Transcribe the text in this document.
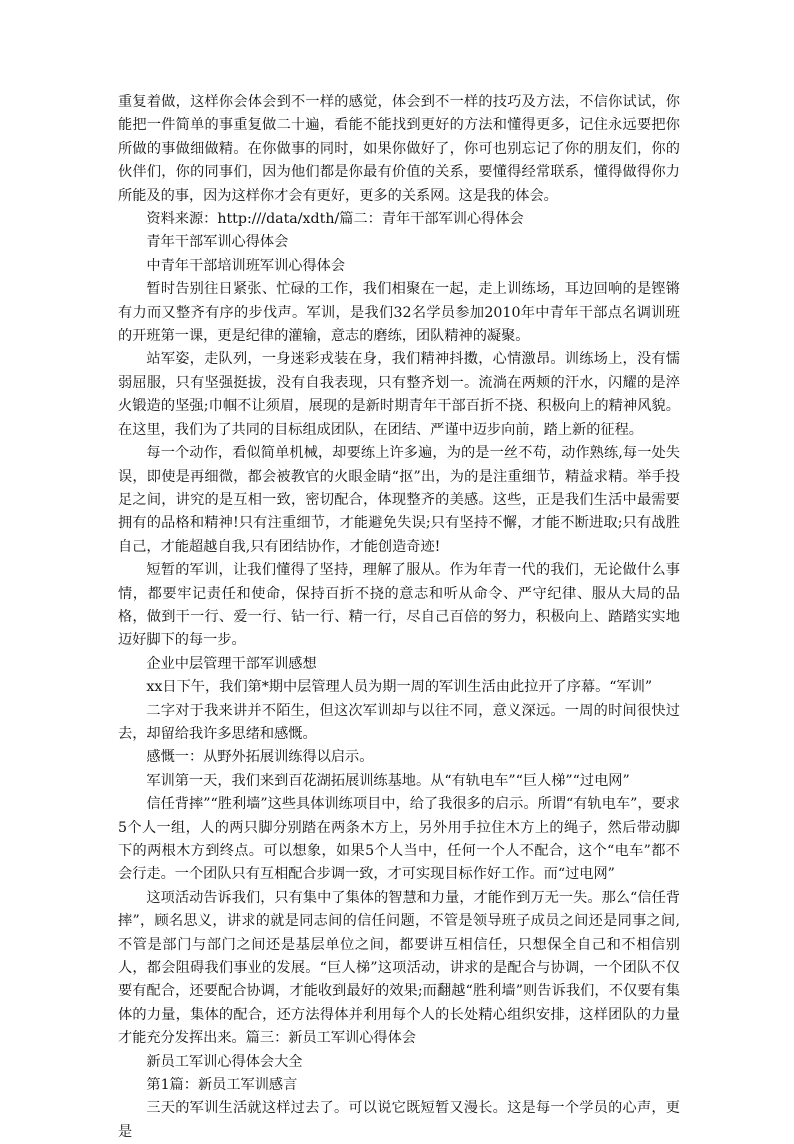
重复着做，这样你会体会到不一样的感觉，体会到不一样的技巧及方法，不信你试试，你能把一件简单的事重复做二十遍，看能不能找到更好的方法和懂得更多，记住永远要把你所做的事做细做精。在你做事的同时，如果你做好了，你可也别忘记了你的朋友们，你的伙伴们，你的同事们，因为他们都是你最有价值的关系，要懂得经常联系，懂得做得你力所能及的事，因为这样你才会有更好，更多的关系网。这是我的体会。

资料来源：http:///data/xdth/篇二：青年干部军训心得体会

青年干部军训心得体会

中青年干部培训班军训心得体会

暂时告别往日紧张、忙碌的工作，我们相聚在一起，走上训练场，耳边回响的是铿锵有力而又整齐有序的步伐声。军训，是我们32名学员参加2010年中青年干部点名调训班的开班第一课，更是纪律的灌输，意志的磨练，团队精神的凝聚。

站军姿，走队列，一身迷彩戎装在身，我们精神抖擞，心情激昂。训练场上，没有懦弱屈服，只有坚强挺拔，没有自我表现，只有整齐划一。流淌在两颊的汗水，闪耀的是淬火锻造的坚强;巾帼不让须眉，展现的是新时期青年干部百折不挠、积极向上的精神风貌。在这里，我们为了共同的目标组成团队，在团结、严谨中迈步向前，踏上新的征程。

每一个动作，看似简单机械，却要练上许多遍，为的是一丝不苟，动作熟练,每一处失误，即使是再细微，都会被教官的火眼金睛“抠”出，为的是注重细节，精益求精。举手投足之间，讲究的是互相一致，密切配合，体现整齐的美感。这些，正是我们生活中最需要拥有的品格和精神!只有注重细节，才能避免失误;只有坚持不懈，才能不断进取;只有战胜自己，才能超越自我,只有团结协作，才能创造奇迹!

短暂的军训，让我们懂得了坚持，理解了服从。作为年青一代的我们，无论做什么事情，都要牢记责任和使命，保持百折不挠的意志和听从命令、严守纪律、服从大局的品格，做到干一行、爱一行、钻一行、精一行，尽自己百倍的努力，积极向上、踏踏实实地迈好脚下的每一步。

企业中层管理干部军训感想

xx日下午，我们第*期中层管理人员为期一周的军训生活由此拉开了序幕。“军训”

二字对于我来讲并不陌生，但这次军训却与以往不同，意义深远。一周的时间很快过去，却留给我许多思绪和感慨。

感慨一：从野外拓展训练得以启示。

军训第一天，我们来到百花湖拓展训练基地。从“有轨电车”“巨人梯”“过电网”

信任背摔”“胜利墙”这些具体训练项目中，给了我很多的启示。所谓“有轨电车”，要求5个人一组，人的两只脚分别踏在两条木方上，另外用手拉住木方上的绳子，然后带动脚下的两根木方到终点。可以想象，如果5个人当中，任何一个人不配合，这个“电车”都不会行走。一个团队只有互相配合步调一致，才可实现目标作好工作。而“过电网”

这项活动告诉我们，只有集中了集体的智慧和力量，才能作到万无一失。那么“信任背摔”，顾名思义，讲求的就是同志间的信任问题，不管是领导班子成员之间还是同事之间,不管是部门与部门之间还是基层单位之间，都要讲互相信任，只想保全自己和不相信别人，都会阻碍我们事业的发展。“巨人梯”这项活动，讲求的是配合与协调，一个团队不仅要有配合，还要配合协调，才能收到最好的效果;而翻越“胜利墙”则告诉我们，不仅要有集体的力量，集体的配合，还方法得体并利用每个人的长处精心组织安排，这样团队的力量才能充分发挥出来。篇三：新员工军训心得体会

新员工军训心得体会大全

第1篇：新员工军训感言

三天的军训生活就这样过去了。可以说它既短暂又漫长。这是每一个学员的心声，更是
